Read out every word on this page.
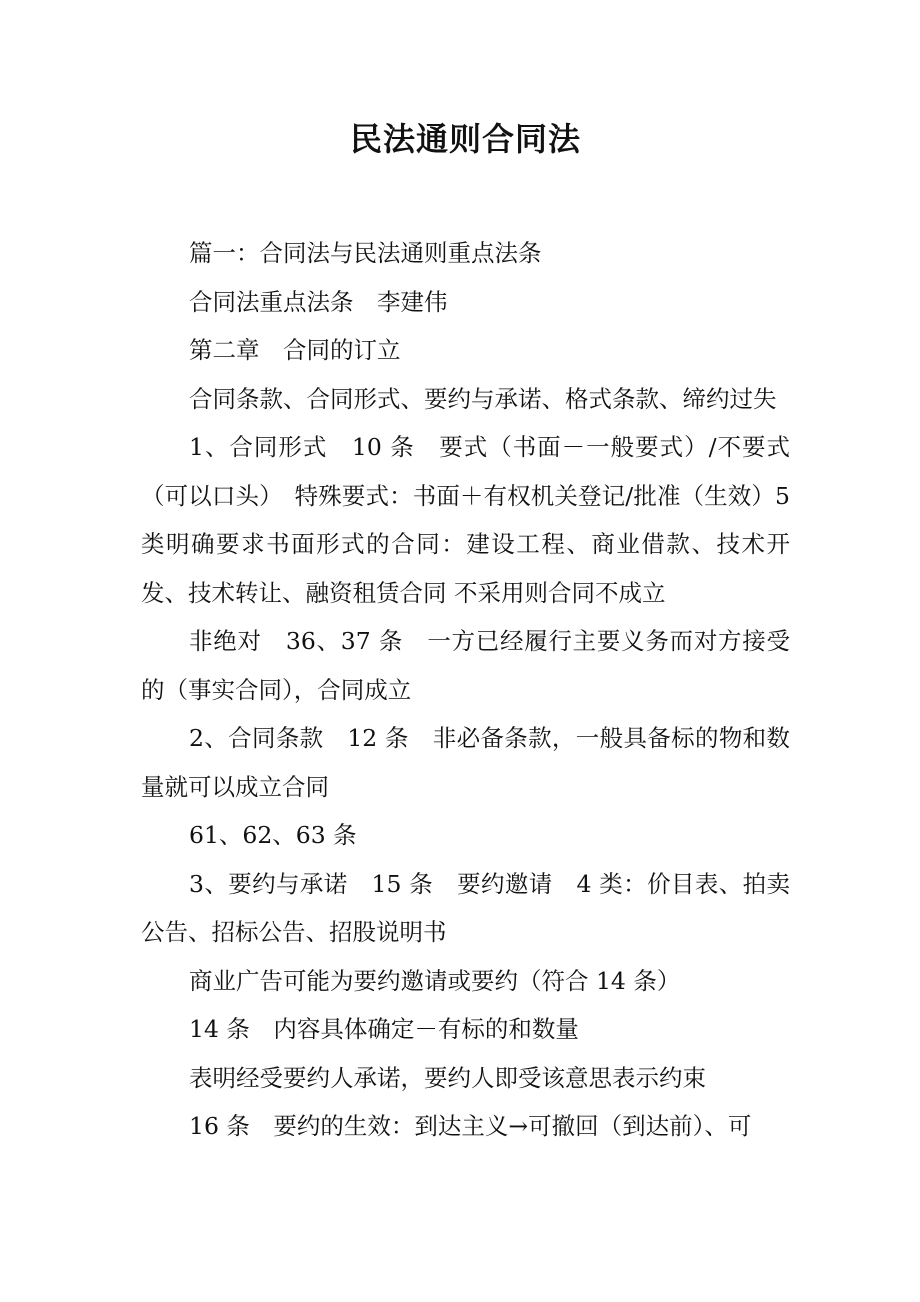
民法通则合同法

篇一：合同法与民法通则重点法条

合同法重点法条　李建伟

第二章　合同的订立

合同条款、合同形式、要约与承诺、格式条款、缔约过失

1、合同形式　10 条　要式（书面－一般要式）/不要式（可以口头）　特殊要式：书面＋有权机关登记/批准（生效）5 类明确要求书面形式的合同：建设工程、商业借款、技术开发、技术转让、融资租赁合同 不采用则合同不成立

非绝对　36、37 条　一方已经履行主要义务而对方接受的（事实合同），合同成立

2、合同条款　12 条　非必备条款，一般具备标的物和数量就可以成立合同

61、62、63 条

3、要约与承诺　15 条　要约邀请　4 类：价目表、拍卖公告、招标公告、招股说明书

商业广告可能为要约邀请或要约（符合 14 条）

14 条　内容具体确定－有标的和数量

表明经受要约人承诺，要约人即受该意思表示约束

16 条　要约的生效：到达主义→可撤回（到达前）、可
